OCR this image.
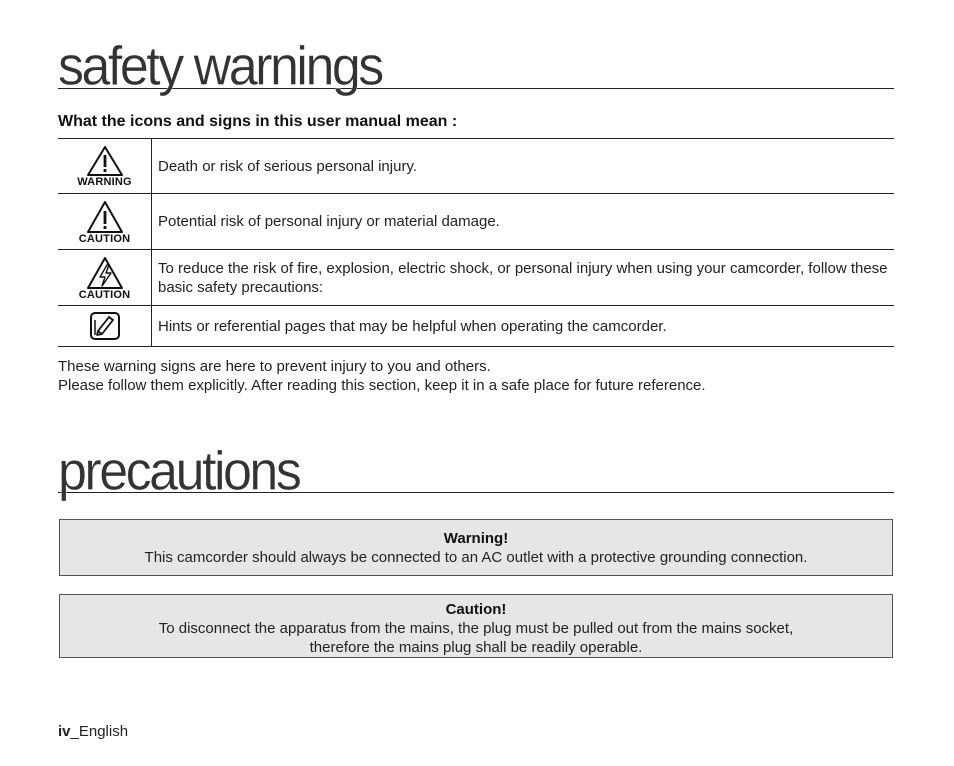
safety warnings
What the icons and signs in this user manual mean :
WARNING	Death or risk of serious personal injury.

CAUTION	Potential risk of personal injury or material damage.

CAUTION	To reduce the risk of fire, explosion, electric shock, or personal injury when using your camcorder, follow these basic safety precautions:

	Hints or referential pages that may be helpful when operating the camcorder.
These warning signs are here to prevent injury to you and others.
Please follow them explicitly. After reading this section, keep it in a safe place for future reference.
precautions
Warning!
This camcorder should always be connected to an AC outlet with a protective grounding connection.
Caution!
To disconnect the apparatus from the mains, the plug must be pulled out from the mains socket,
therefore the mains plug shall be readily operable.
iv_English
